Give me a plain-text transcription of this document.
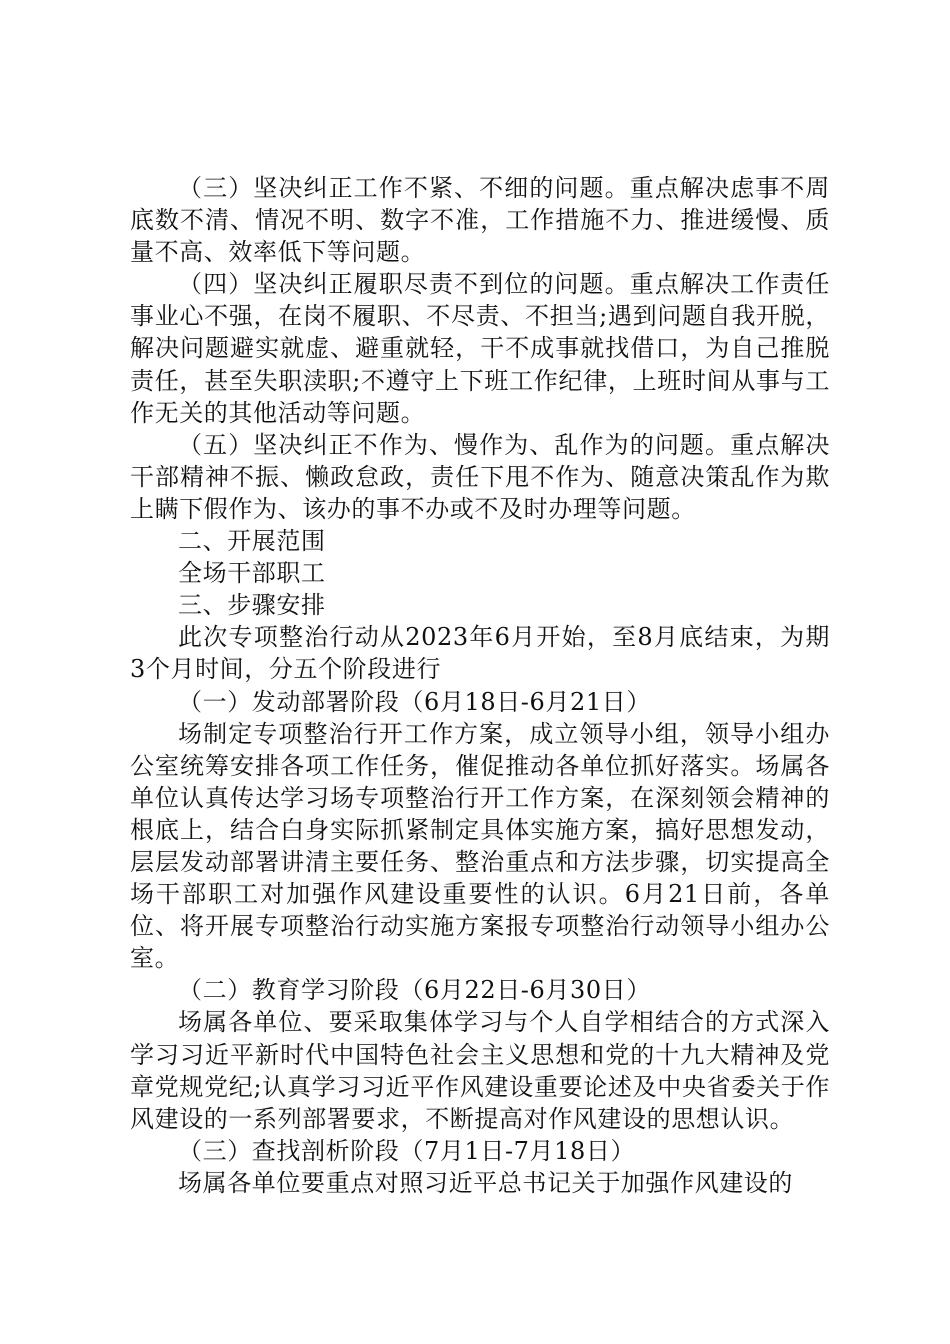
（三）坚决纠正工作不紧、不细的问题。重点解决虑事不周底数不清、情况不明、数字不准，工作措施不力、推进缓慢、质量不高、效率低下等问题。

（四）坚决纠正履职尽责不到位的问题。重点解决工作责任事业心不强，在岗不履职、不尽责、不担当;遇到问题自我开脱，解决问题避实就虚、避重就轻，干不成事就找借口，为自己推脱责任，甚至失职渎职;不遵守上下班工作纪律，上班时间从事与工作无关的其他活动等问题。

（五）坚决纠正不作为、慢作为、乱作为的问题。重点解决干部精神不振、懒政怠政，责任下甩不作为、随意决策乱作为欺上瞒下假作为、该办的事不办或不及时办理等问题。

二、开展范围

全场干部职工

三、步骤安排

此次专项整治行动从2023年6月开始，至8月底结束，为期3个月时间，分五个阶段进行

（一）发动部署阶段（6月18日-6月21日）

场制定专项整治行开工作方案，成立领导小组，领导小组办公室统筹安排各项工作任务，催促推动各单位抓好落实。场属各单位认真传达学习场专项整治行开工作方案，在深刻领会精神的根底上，结合白身实际抓紧制定具体实施方案，搞好思想发动，层层发动部署讲清主要任务、整治重点和方法步骤，切实提高全场干部职工对加强作风建设重要性的认识。6月21日前，各单位、将开展专项整治行动实施方案报专项整治行动领导小组办公室。

（二）教育学习阶段（6月22日-6月30日）

场属各单位、要采取集体学习与个人自学相结合的方式深入学习习近平新时代中国特色社会主义思想和党的十九大精神及党章党规党纪;认真学习习近平作风建设重要论述及中央省委关于作风建设的一系列部署要求，不断提高对作风建设的思想认识。

（三）查找剖析阶段（7月1日-7月18日）

场属各单位要重点对照习近平总书记关于加强作风建设的
